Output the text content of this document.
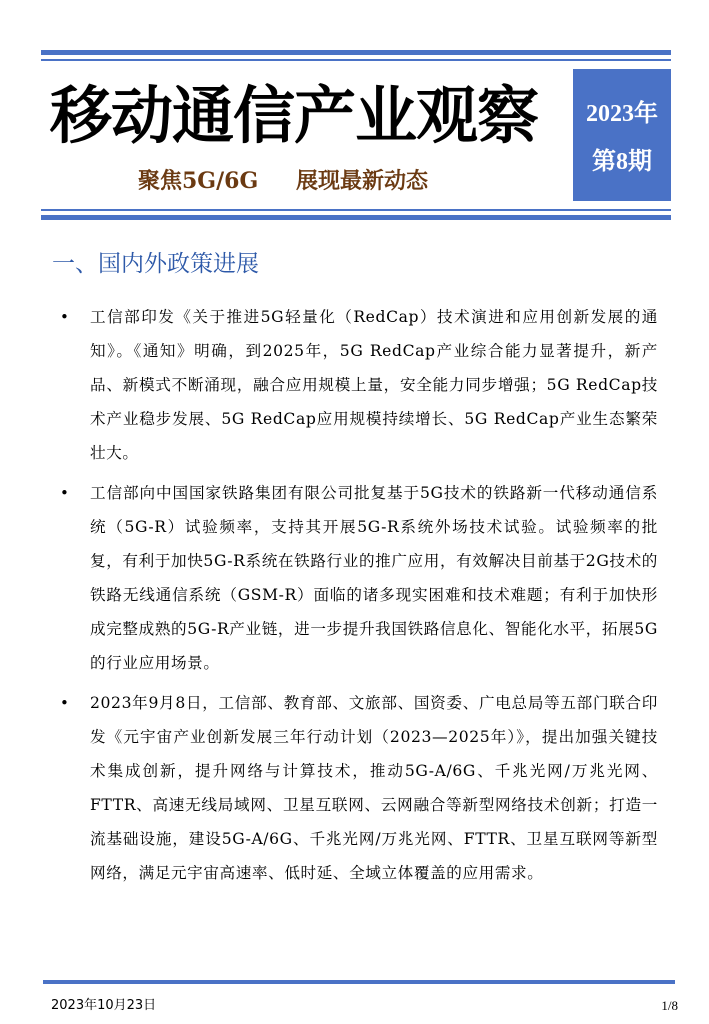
移动通信产业观察
聚焦5G/6G 展现最新动态
2023年
第8期
一、国内外政策进展
• 工信部印发《关于推进5G轻量化（RedCap）技术演进和应用创新发展的通知》。《通知》明确，到2025年，5G RedCap产业综合能力显著提升，新产品、新模式不断涌现，融合应用规模上量，安全能力同步增强；5G RedCap技术产业稳步发展、5G RedCap应用规模持续增长、5G RedCap产业生态繁荣壮大。
• 工信部向中国国家铁路集团有限公司批复基于5G技术的铁路新一代移动通信系统（5G-R）试验频率，支持其开展5G-R系统外场技术试验。试验频率的批复，有利于加快5G-R系统在铁路行业的推广应用，有效解决目前基于2G技术的铁路无线通信系统（GSM-R）面临的诸多现实困难和技术难题；有利于加快形成完整成熟的5G-R产业链，进一步提升我国铁路信息化、智能化水平，拓展5G的行业应用场景。
• 2023年9月8日，工信部、教育部、文旅部、国资委、广电总局等五部门联合印发《元宇宙产业创新发展三年行动计划（2023—2025年）》，提出加强关键技术集成创新，提升网络与计算技术，推动5G-A/6G、千兆光网/万兆光网、FTTR、高速无线局域网、卫星互联网、云网融合等新型网络技术创新；打造一流基础设施，建设5G-A/6G、千兆光网/万兆光网、FTTR、卫星互联网等新型网络，满足元宇宙高速率、低时延、全域立体覆盖的应用需求。
2023年10月23日	1/8
